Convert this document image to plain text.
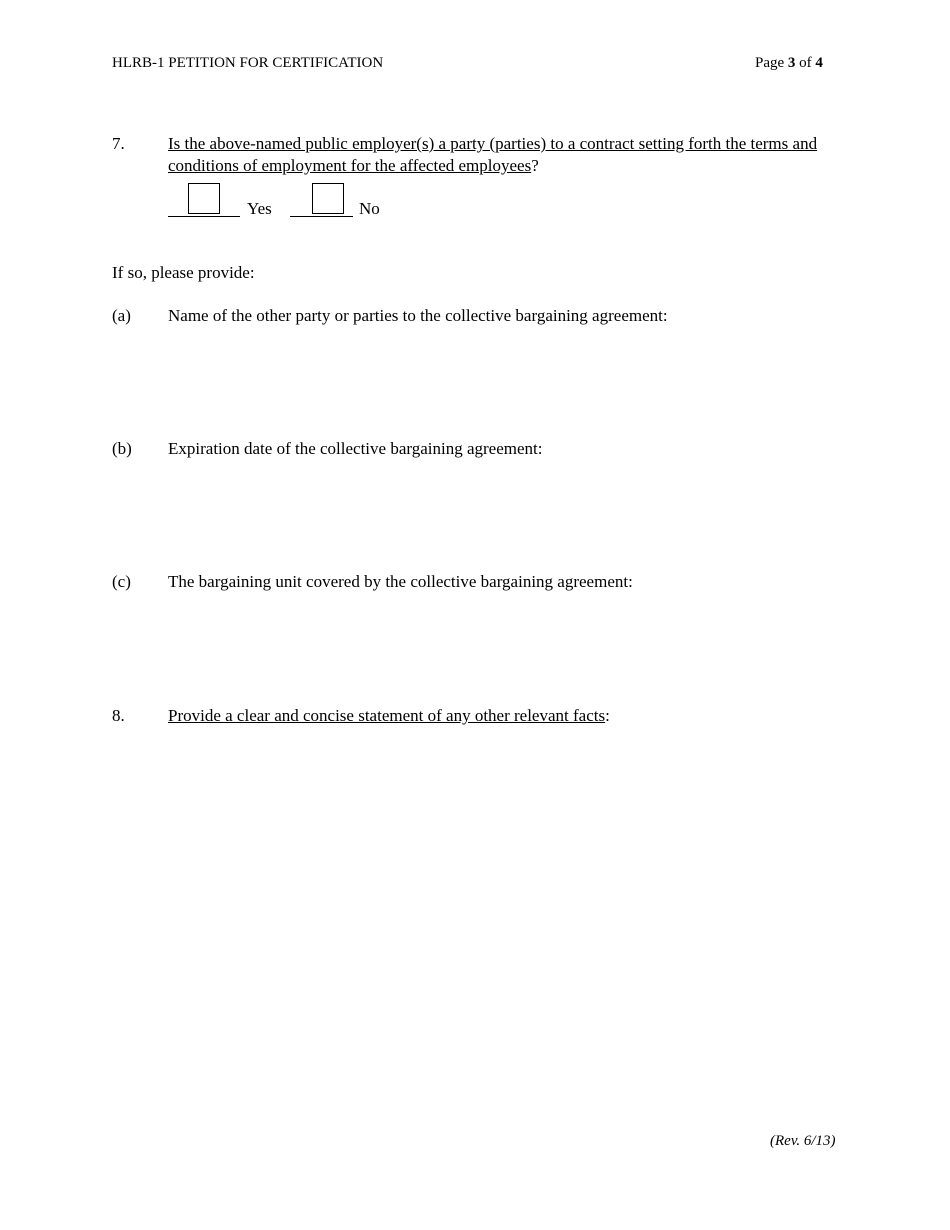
HLRB-1 PETITION FOR CERTIFICATION	Page 3 of 4
7.	Is the above-named public employer(s) a party (parties) to a contract setting forth the terms and conditions of employment for the affected employees?
Yes	No
If so, please provide:
(a) Name of the other party or parties to the collective bargaining agreement:
(b) Expiration date of the collective bargaining agreement:
(c) The bargaining unit covered by the collective bargaining agreement:
8.	Provide a clear and concise statement of any other relevant facts:
(Rev. 6/13)
